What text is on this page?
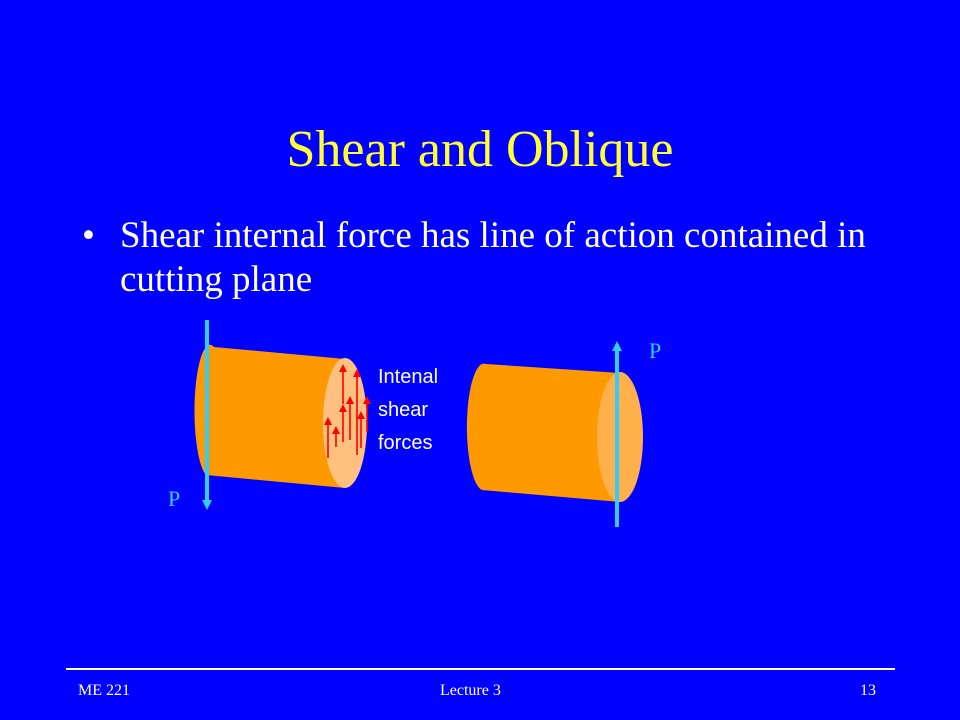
Shear and Oblique
• Shear internal force has line of action contained in cutting plane
P
Intenal
shear
forces
P
ME 221	Lecture 3	13
